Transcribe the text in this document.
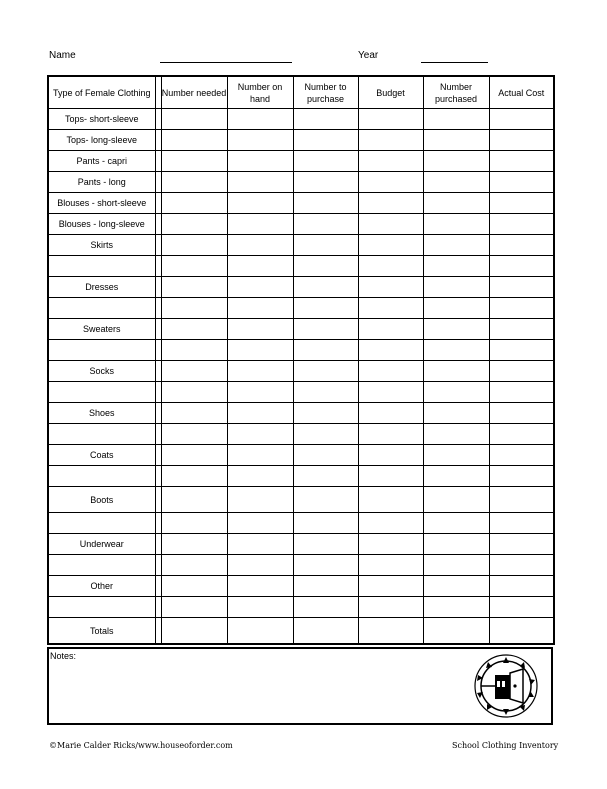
Name	Year
Type of Female Clothing		Number needed	Number on hand	Number to purchase	Budget	Number purchased	Actual Cost
Tops- short-sleeve							
Tops- long-sleeve							
Pants - capri							
Pants - long							
Blouses - short-sleeve							
Blouses - long-sleeve							
Skirts							

Dresses							

Sweaters							

Socks							

Shoes							

Coats							

Boots							

Underwear							

Other							

Totals							
Notes:
©Marie Calder Ricks/www.houseoforder.com	School Clothing Inventory
